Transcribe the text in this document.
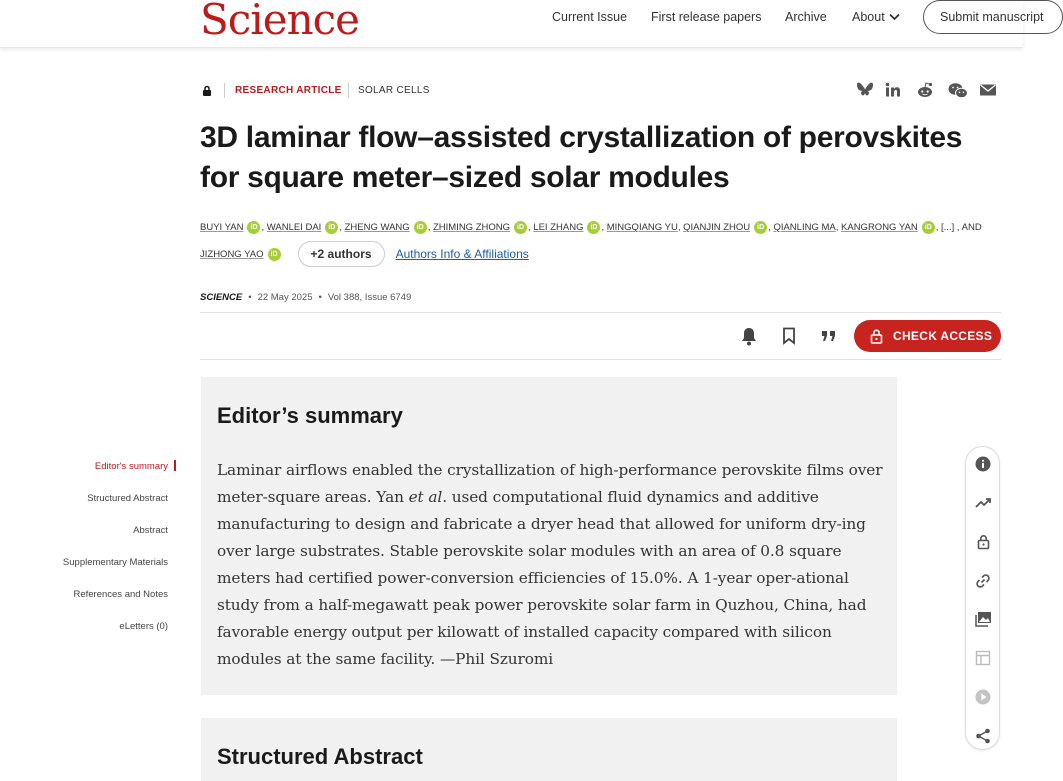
Science	Current Issue First release papers Archive About	Submit manuscript
RESEARCH ARTICLE SOLAR CELLS
3D laminar flow–assisted crystallization of perovskites for square meter–sized solar modules
BUYI YAN iD , WANLEI DAI iD , ZHENG WANG iD , ZHIMING ZHONG iD , LEI ZHANG iD , MINGQIANG YU, QIANJIN ZHOU iD , QIANLING MA, KANGRONG YAN iD , [...] , AND
JIZHONG YAO	iD	+2 authors	Authors Info & Affiliations
SCIENCE • 22 May 2025 • Vol 388, Issue 6749
CHECK ACCESS
Editor's summary
Structured Abstract
Abstract
Supplementary Materials
References and Notes
eLetters (0)
Editor’s summary

Laminar airflows enabled the crystallization of high-performance perovskite films over meter-square areas. Yan et al. used computational fluid dynamics and additive manufacturing to design and fabricate a dryer head that allowed for uniform dry-ing over large substrates. Stable perovskite solar modules with an area of 0.8 square meters had certified power-conversion efficiencies of 15.0%. A 1-year oper-ational study from a half-megawatt peak power perovskite solar farm in Quzhou, China, had favorable energy output per kilowatt of installed capacity compared with silicon modules at the same facility. —Phil Szuromi

Structured Abstract
